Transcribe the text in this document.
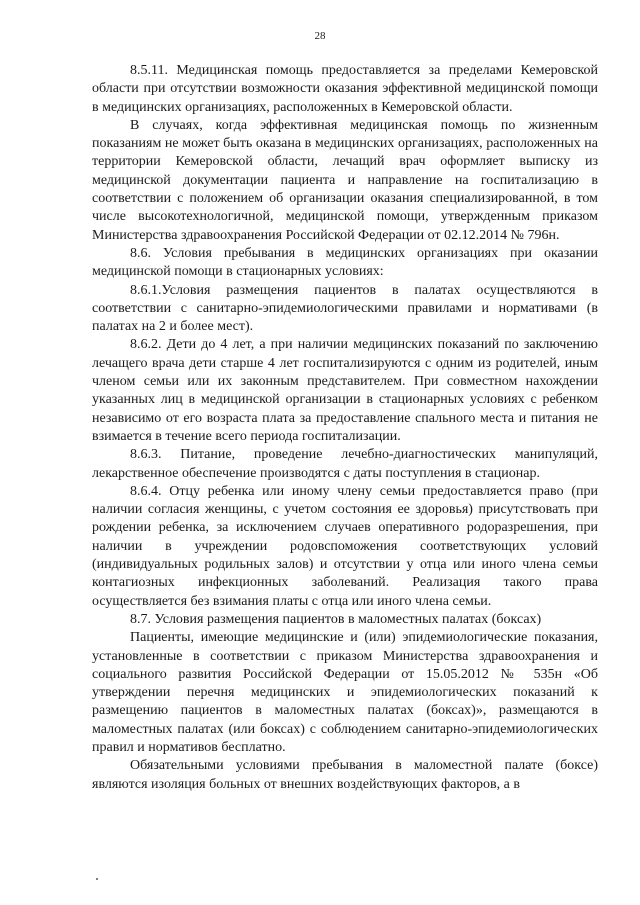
28

8.5.11. Медицинская помощь предоставляется за пределами Кемеровской области при отсутствии возможности оказания эффективной медицинской помощи в медицинских организациях, расположенных в Кемеровской области.

В случаях, когда эффективная медицинская помощь по жизненным показаниям не может быть оказана в медицинских организациях, расположенных на территории Кемеровской области, лечащий врач оформляет выписку из медицинской документации пациента и направление на госпитализацию в соответствии с положением об организации оказания специализированной, в том числе высокотехнологичной, медицинской помощи, утвержденным приказом Министерства здравоохранения Российской Федерации от 02.12.2014 № 796н.

8.6. Условия пребывания в медицинских организациях при оказании медицинской помощи в стационарных условиях:

8.6.1.Условия размещения пациентов в палатах осуществляются в соответствии с санитарно-эпидемиологическими правилами и нормативами (в палатах на 2 и более мест).

8.6.2. Дети до 4 лет, а при наличии медицинских показаний по заключению лечащего врача дети старше 4 лет госпитализируются с одним из родителей, иным членом семьи или их законным представителем. При совместном нахождении указанных лиц в медицинской организации в стационарных условиях с ребенком независимо от его возраста плата за предоставление спального места и питания не взимается в течение всего периода госпитализации.

8.6.3. Питание, проведение лечебно-диагностических манипуляций, лекарственное обеспечение производятся с даты поступления в стационар.

8.6.4. Отцу ребенка или иному члену семьи предоставляется право (при наличии согласия женщины, с учетом состояния ее здоровья) присутствовать при рождении ребенка, за исключением случаев оперативного родоразрешения, при наличии в учреждении родовспоможения соответствующих условий (индивидуальных родильных залов) и отсутствии у отца или иного члена семьи контагиозных инфекционных заболеваний. Реализация такого права осуществляется без взимания платы с отца или иного члена семьи.

8.7. Условия размещения пациентов в маломестных палатах (боксах)

Пациенты, имеющие медицинские и (или) эпидемиологические показания, установленные в соответствии с приказом Министерства здравоохранения и социального развития Российской Федерации от 15.05.2012 № 535н «Об утверждении перечня медицинских и эпидемиологических показаний к размещению пациентов в маломестных палатах (боксах)», размещаются в маломестных палатах (или боксах) с соблюдением санитарно-эпидемиологических правил и нормативов бесплатно.

Обязательными условиями пребывания в маломестной палате (боксе) являются изоляция больных от внешних воздействующих факторов, а в
